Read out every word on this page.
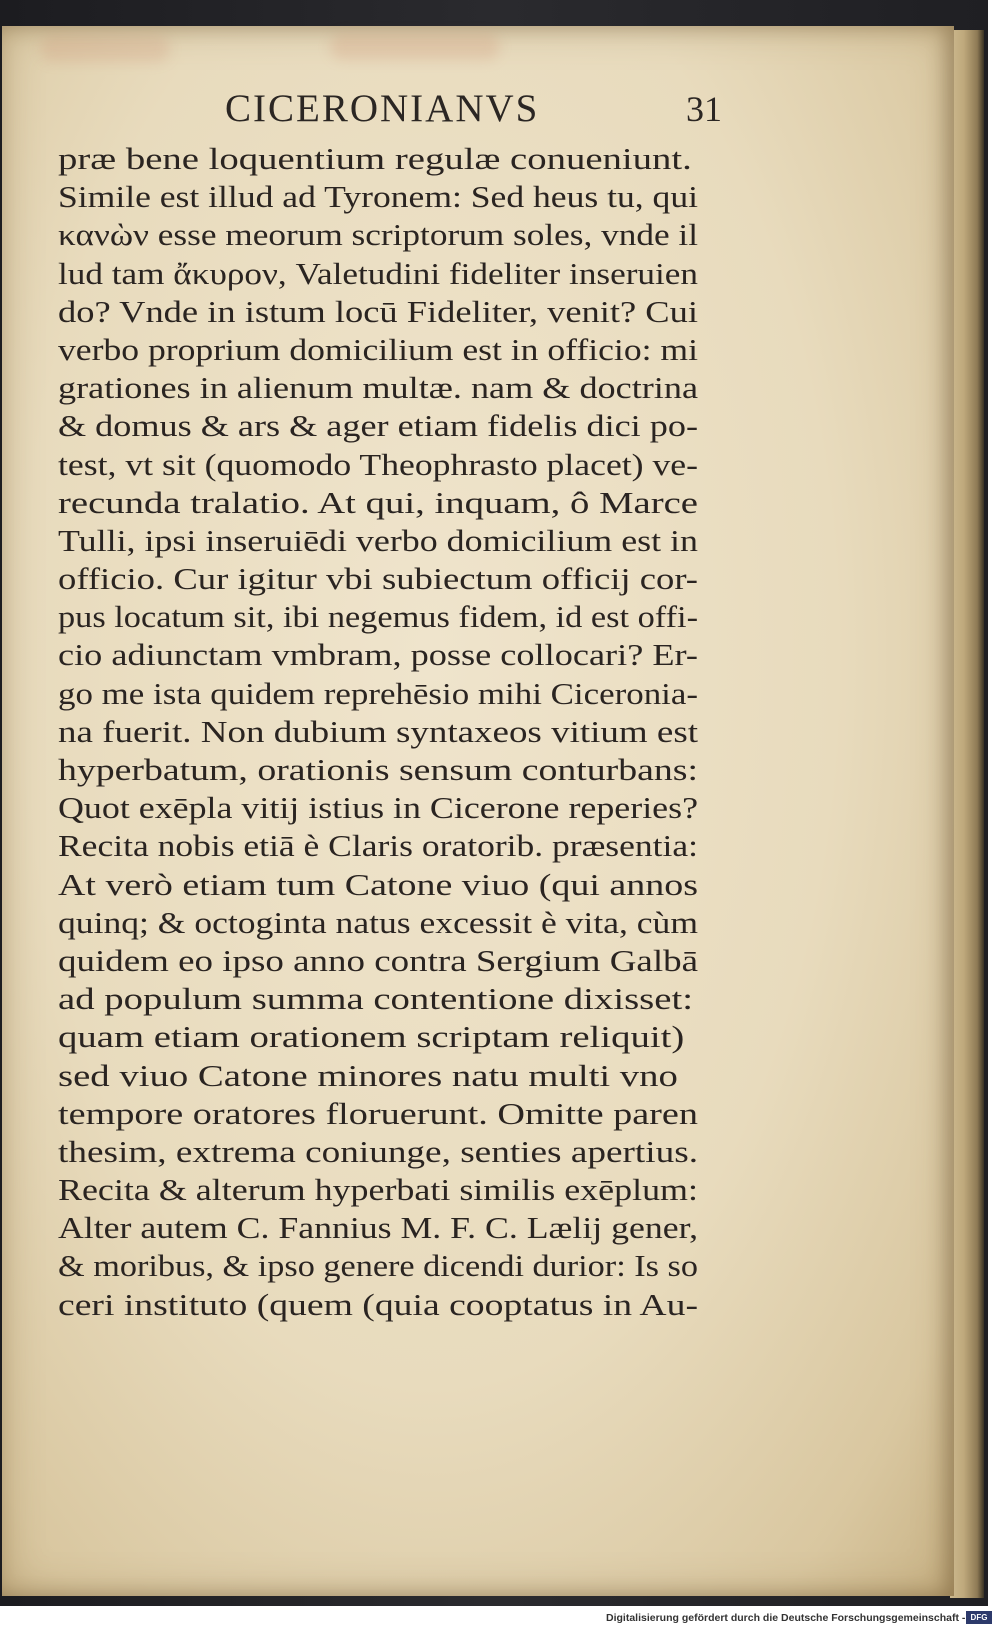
CICERONIANVS	31
præ bene loquentium regulæ conueniunt.
Simile est illud ad Tyronem: Sed heus tu, qui
κανὼν esse meorum scriptorum soles, vnde il
lud tam ἄκυρον, Valetudini fideliter inseruien
do? Vnde in istum locū Fideliter, venit? Cui
verbo proprium domicilium est in officio: mi
grationes in alienum multæ. nam & doctrina
& domus & ars & ager etiam fidelis dici po-
test, vt sit (quomodo Theophrasto placet) ve-
recunda tralatio. At qui, inquam, ô Marce
Tulli, ipsi inseruiēdi verbo domicilium est in
officio. Cur igitur vbi subiectum officij cor-
pus locatum sit, ibi negemus fidem, id est offi-
cio adiunctam vmbram, posse collocari? Er-
go me ista quidem reprehēsio mihi Ciceronia-
na fuerit. Non dubium syntaxeos vitium est
hyperbatum, orationis sensum conturbans:
Quot exēpla vitij istius in Cicerone reperies?
Recita nobis etiā è Claris oratorib. præsentia:
At verò etiam tum Catone viuo (qui annos
quinq; & octoginta natus excessit è vita, cùm
quidem eo ipso anno contra Sergium Galbā
ad populum summa contentione dixisset:
quam etiam orationem scriptam reliquit)
sed viuo Catone minores natu multi vno
tempore oratores floruerunt. Omitte paren
thesim, extrema coniunge, senties apertius.
Recita & alterum hyperbati similis exēplum:
Alter autem C. Fannius M. F. C. Lælij gener,
& moribus, & ipso genere dicendi durior: Is so
ceri instituto (quem (quia cooptatus in Au-
Digitalisierung gefördert durch die Deutsche Forschungsgemeinschaft - DFG
